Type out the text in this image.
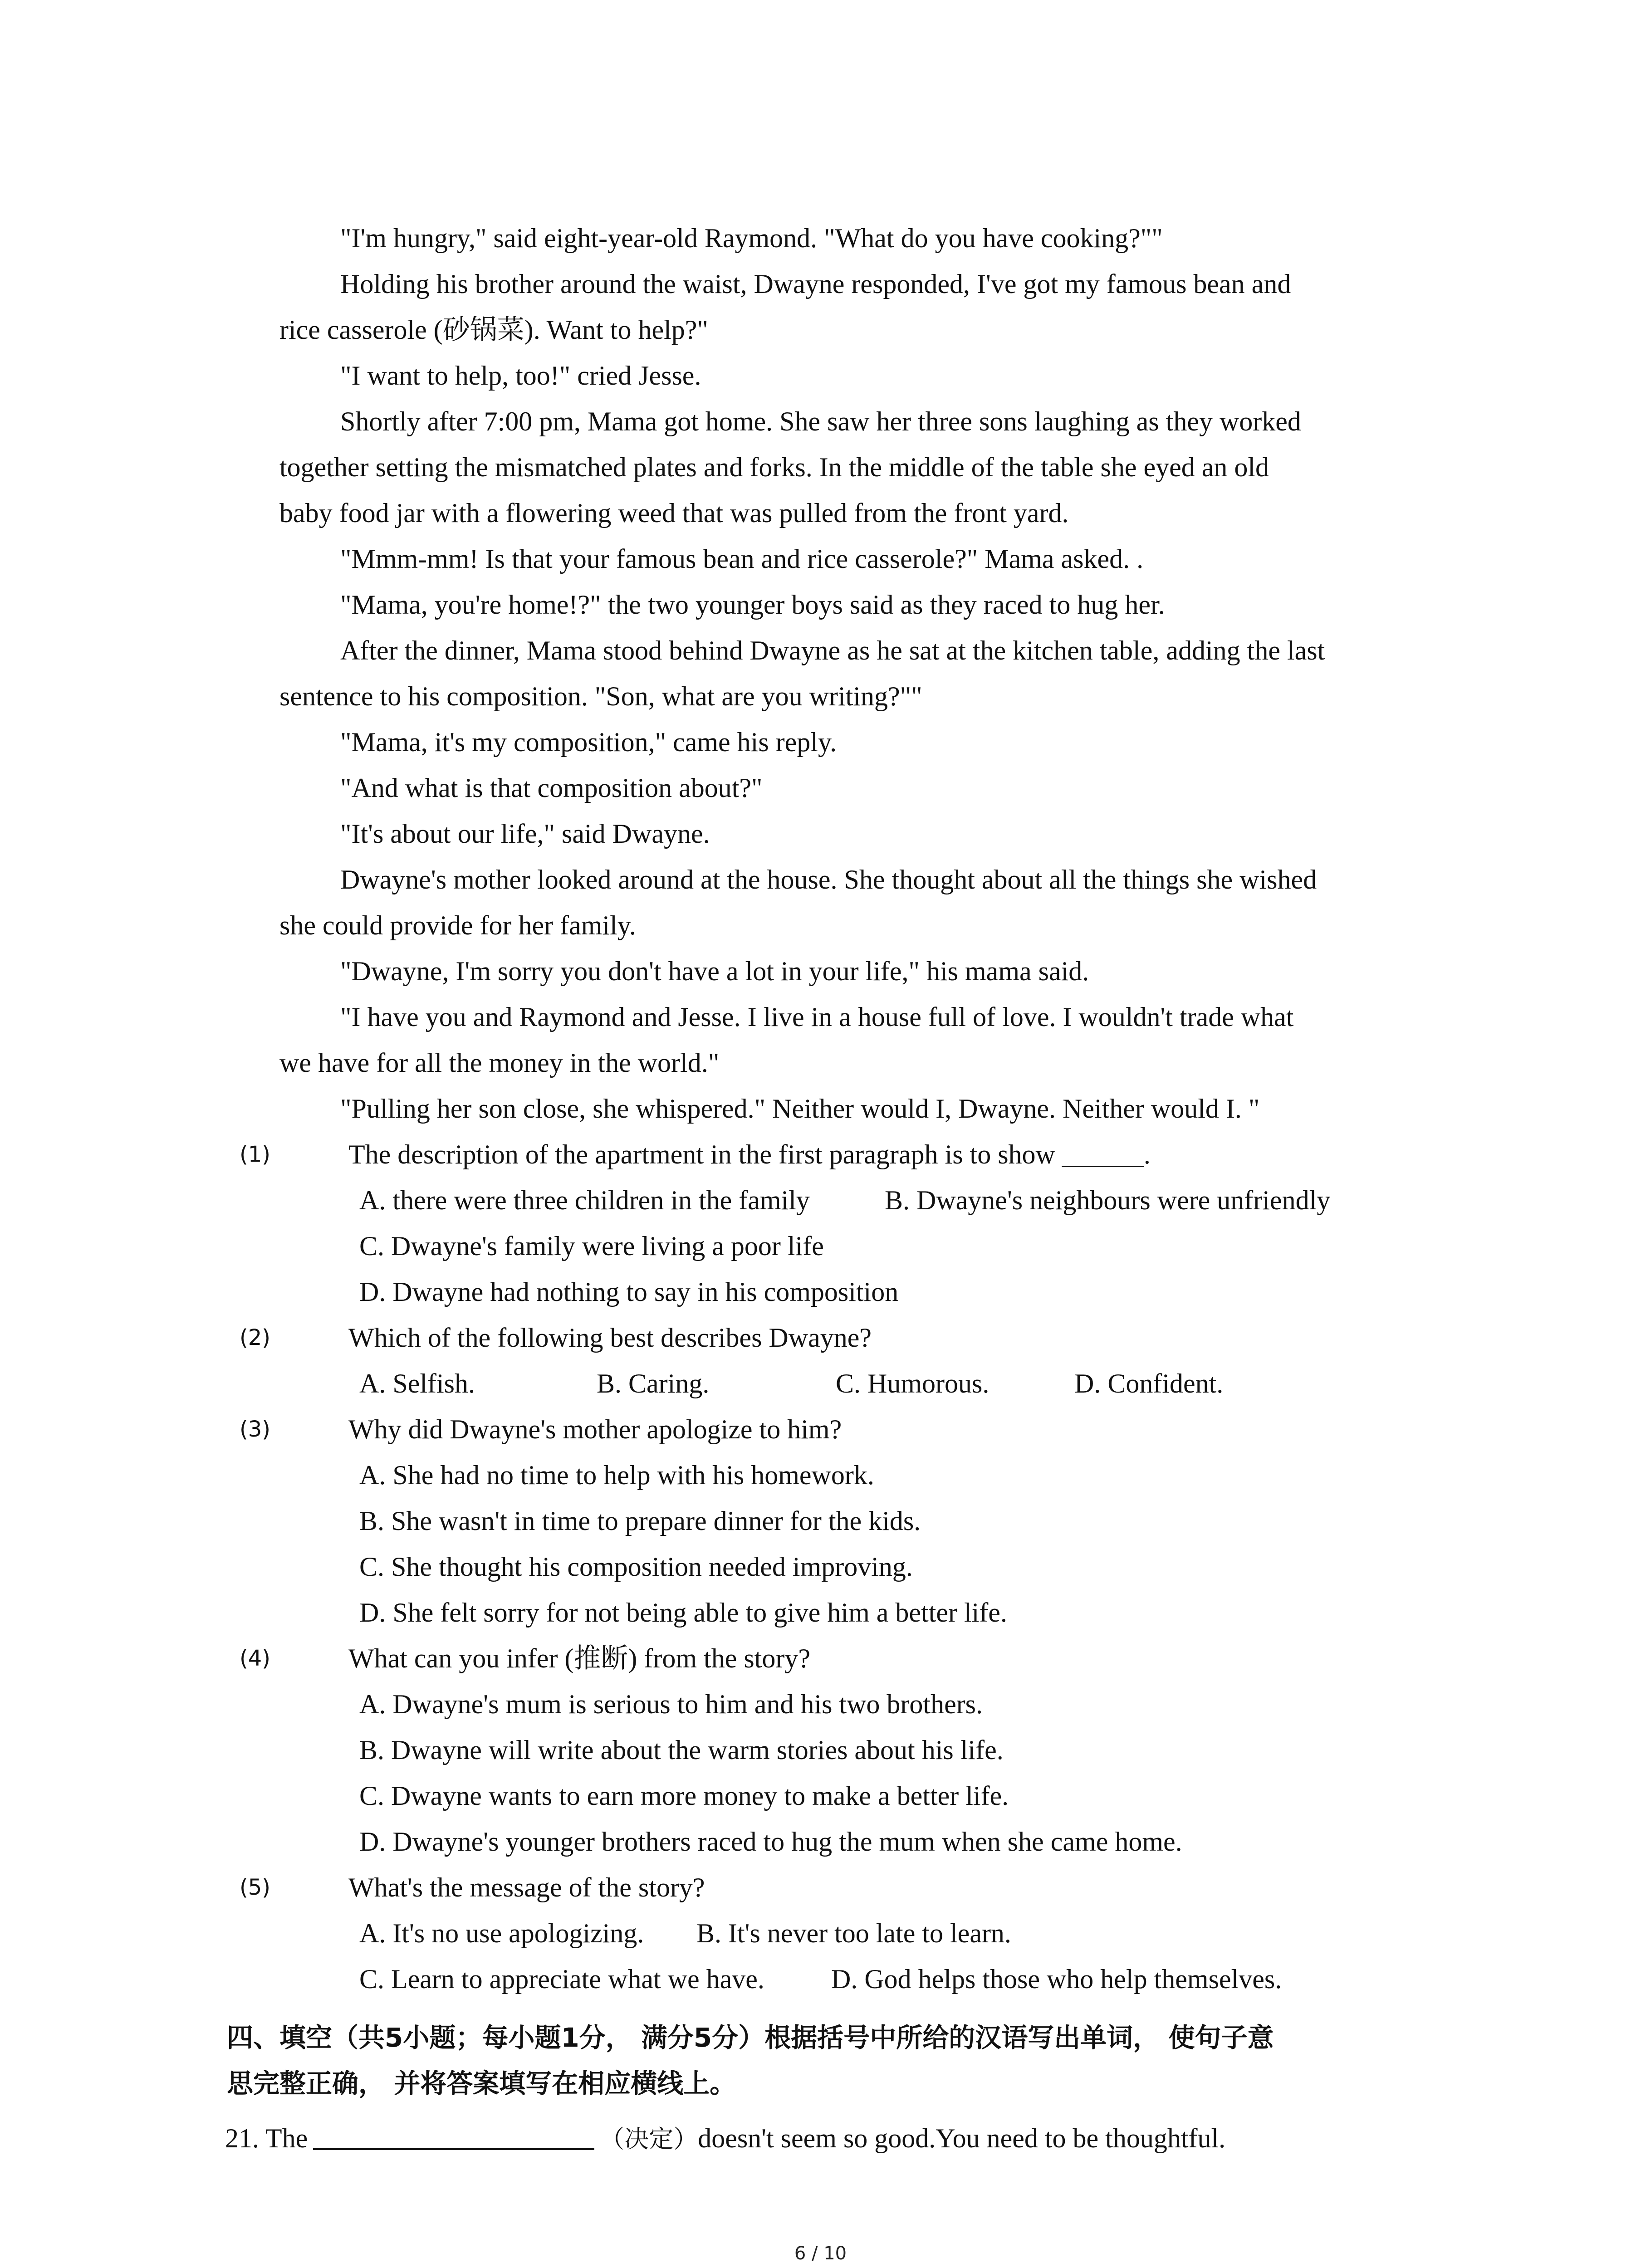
"I'm hungry," said eight-year-old Raymond. "What do you have cooking?""
Holding his brother around the waist, Dwayne responded, I've got my famous bean and
rice casserole (砂锅菜). Want to help?"
"I want to help, too!" cried Jesse.
Shortly after 7:00 pm, Mama got home. She saw her three sons laughing as they worked
together setting the mismatched plates and forks. In the middle of the table she eyed an old
baby food jar with a flowering weed that was pulled from the front yard.
"Mmm-mm! Is that your famous bean and rice casserole?" Mama asked. .
"Mama, you're home!?" the two younger boys said as they raced to hug her.
After the dinner, Mama stood behind Dwayne as he sat at the kitchen table, adding the last
sentence to his composition. "Son, what are you writing?""
"Mama, it's my composition," came his reply.
"And what is that composition about?"
"It's about our life," said Dwayne.
Dwayne's mother looked around at the house. She thought about all the things she wished
she could provide for her family.
"Dwayne, I'm sorry you don't have a lot in your life," his mama said.
"I have you and Raymond and Jesse. I live in a house full of love. I wouldn't trade what
we have for all the money in the world."
"Pulling her son close, she whispered." Neither would I, Dwayne. Neither would I. "
(1)	The description of the apartment in the first paragraph is to show ______.
A. there were three children in the family	B. Dwayne's neighbours were unfriendly
C. Dwayne's family were living a poor life
D. Dwayne had nothing to say in his composition
(2)	Which of the following best describes Dwayne?
A. Selfish.	B. Caring.	C. Humorous.	D. Confident.
(3)	Why did Dwayne's mother apologize to him?
A. She had no time to help with his homework.
B. She wasn't in time to prepare dinner for the kids.
C. She thought his composition needed improving.
D. She felt sorry for not being able to give him a better life.
(4)	What can you infer (推断) from the story?
A. Dwayne's mum is serious to him and his two brothers.
B. Dwayne will write about the warm stories about his life.
C. Dwayne wants to earn more money to make a better life.
D. Dwayne's younger brothers raced to hug the mum when she came home.
(5)	What's the message of the story?
A. It's no use apologizing. B. It's never too late to learn.
C. Learn to appreciate what we have. D. God helps those who help themselves.
四、填空（共5小题；每小题1分， 满分5分）根据括号中所给的汉语写出单词， 使句子意
思完整正确， 并将答案填写在相应横线上。
21. The	（决定）doesn't seem so good.You need to be thoughtful.
6 / 10
